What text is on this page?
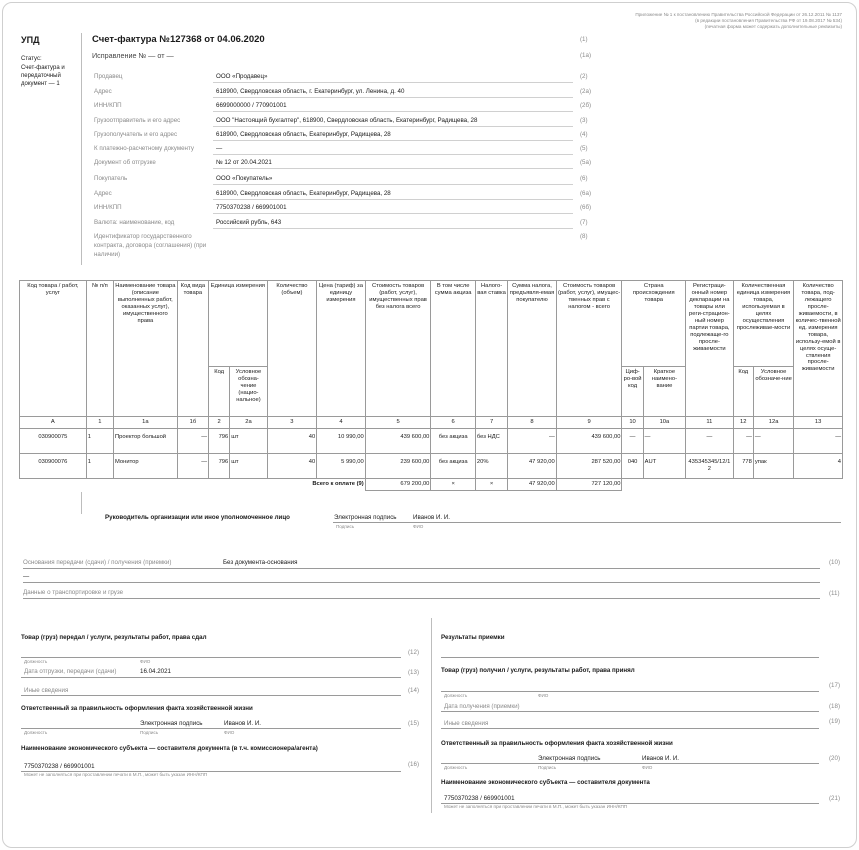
Приложение № 1 к постановлению Правительства Российской Федерации от 26.12.2011 № 1137
(в редакции постановления Правительства РФ от 19.08.2017 № 534)
(печатная форма может содержать дополнительные реквизиты)
УПД
Статус:
Счет-фактура и передаточный документ — 1
Счет-фактура №127368 от 04.06.2020	(1)
Исправление № — от —	(1а)
Продавец	ООО «Продавец»	(2)
Адрес	618900, Свердловская область, г. Екатеринбург, ул. Ленина, д. 40	(2а)
ИНН/КПП	6699000000 / 770901001	(2б)
Грузоотправитель и его адрес	ООО "Настоящий бухгалтер", 618900, Свердловская область, Екатеринбург, Радищева, 28	(3)
Грузополучатель и его адрес	618900, Свердловская область, Екатеринбург, Радищева, 28	(4)
К платежно-расчетному документу	—	(5)
Документ об отгрузке	№ 12 от 20.04.2021	(5а)
Покупатель	ООО «Покупатель»	(6)
Адрес	618900, Свердловская область, Екатеринбург, Радищева, 28	(6а)
ИНН/КПП	7750370238 / 669901001	(6б)
Валюта: наименование, код	Российский рубль, 643	(7)
Идентификатор государственного контракта, договора (соглашения) (при наличии)
(8)
Код товара / работ, услуг	№ п/п	Наименование товара (описание выполненных работ, оказанных услуг), имущественного права	Код вида товара	Единица измерения		Количество (объем)	Цена (тариф) за единицу измерения	Стоимость товаров (работ, услуг), имущественных прав без налога всего	В том числе сумма акциза	Налого-вая ставка	Сумма налога, предъявля-емая покупателю	Стоимость товаров (работ, услуг), имущес-твенных прав с налогом - всего	Страна происхождения товара		Регистраци-онный номер декларации на товары или реги-страцион-ный номер партии товара, подлежаще-го просле-живаемости	Количественная единица измерения товара, используемая в целях осуществления прослеживае-мости		Количество товара, под-лежащего просле-живаемости, в количес-твенной ед. измерения товара, использу-емой в целях осуще-ствления просле-живаемости
				Код	Условное обозна-чение (нацио-нальное)								Циф-ро-вой код	Краткое наимено-вание		Код	Условное обозначе-ние	
А	1	1а	1б	2	2а	3	4	5	6	7	8	9	10	10а	11	12	12а	13
030900075	1	Проектор большой	—	796	шт	40	10 990,00	439 600,00	без акциза	без НДС	—	439 600,00	—	—	—	—	—	—
030900076	1	Монитор	—	796	шт	40	5 990,00	239 600,00	без акциза	20%	47 920,00	287 520,00	040	AUT	435345345/12/12	778	упак	4
Всего к оплате (9)								679 200,00	×	×	47 920,00	727 120,00						
Руководитель организации или иное уполномоченное лицо	Электронная подпись	Иванов И. И.
Подпись	ФИО
Основания передачи (сдачи) / получения (приемки)	Без документа-основания	(10)
—
Данные о транспортировке и грузе	(11)
Товар (груз) передал / услуги, результаты работ, права сдал
(12)
Должность	ФИО
Дата отгрузки, передачи (сдачи)	16.04.2021	(13)
Иные сведения	(14)
Ответственный за правильность оформления факта хозяйственной жизни
Электронная подпись	Иванов И. И.	(15)
Должность	Подпись	ФИО
Наименование экономического субъекта — составителя документа (в т.ч. комиссионера/агента)
7750370238 / 669901001	(16)
Может не заполняться при проставлении печати в М.П., может быть указан ИНН/КПП
Результаты приемки
Товар (груз) получил / услуги, результаты работ, права принял
(17)
Должность	ФИО
Дата получения (приемки)	(18)
Иные сведения	(19)
Ответственный за правильность оформления факта хозяйственной жизни
Электронная подпись	Иванов И. И.	(20)
Должность	Подпись	ФИО
Наименование экономического субъекта — составителя документа
7750370238 / 669901001	(21)
Может не заполняться при проставлении печати в М.П., может быть указан ИНН/КПП
